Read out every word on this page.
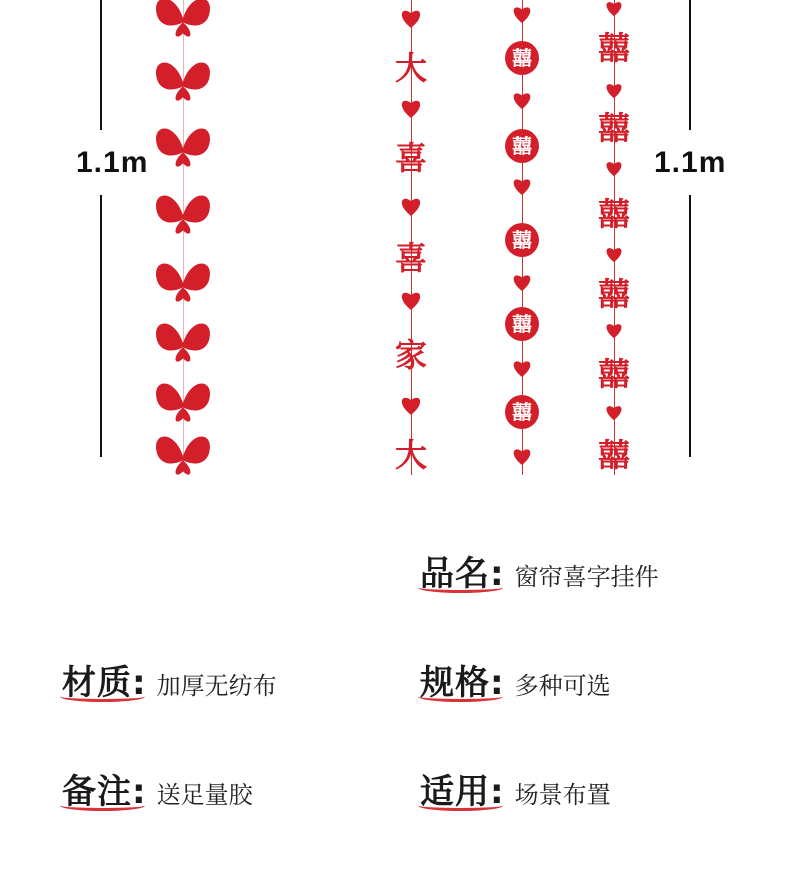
1.1m	1.1m
大
喜
喜
家
大
囍
囍
囍
囍
囍
囍
囍
囍
囍
囍
囍
品名: 窗帘喜字挂件
材质: 加厚无纺布	规格: 多种可选
备注: 送足量胶	适用: 场景布置
